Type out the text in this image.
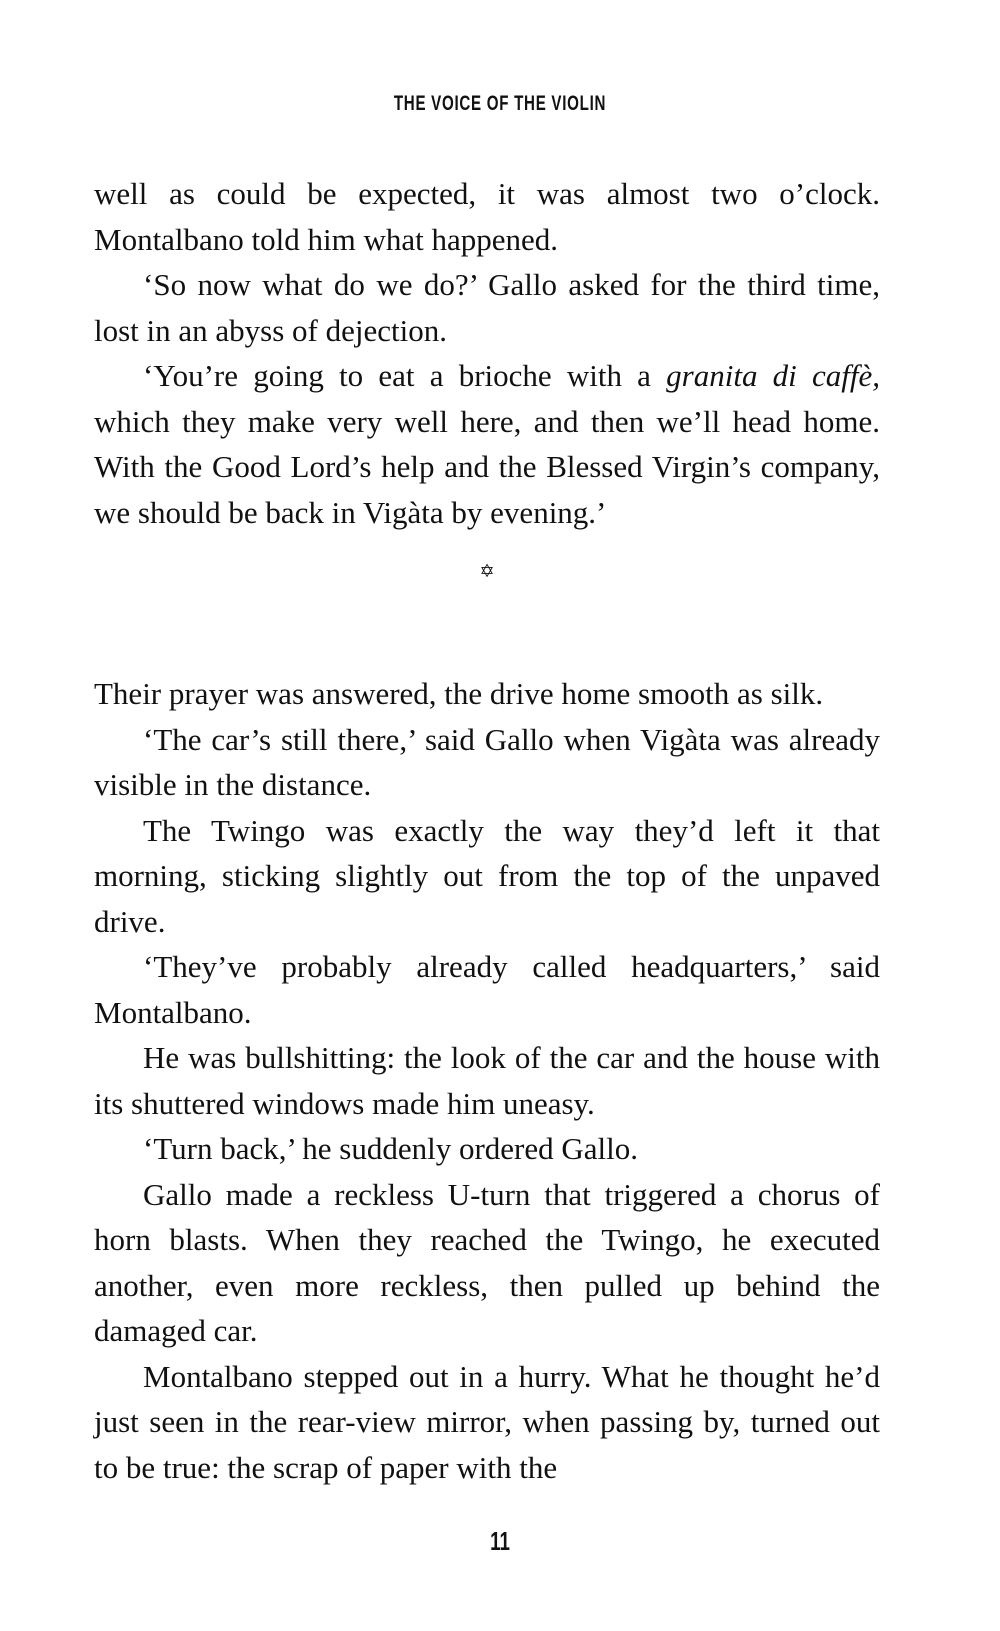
THE VOICE OF THE VIOLIN

well as could be expected, it was almost two o’clock. Montalbano told him what happened.

‘So now what do we do?’ Gallo asked for the third time, lost in an abyss of dejection.

‘You’re going to eat a brioche with a granita di caffè, which they make very well here, and then we’ll head home. With the Good Lord’s help and the Blessed Virgin’s company, we should be back in Vigàta by evening.’

✡

Their prayer was answered, the drive home smooth as silk.

‘The car’s still there,’ said Gallo when Vigàta was already visible in the distance.

The Twingo was exactly the way they’d left it that morning, sticking slightly out from the top of the unpaved drive.

‘They’ve probably already called headquarters,’ said Montalbano.

He was bullshitting: the look of the car and the house with its shuttered windows made him uneasy.

‘Turn back,’ he suddenly ordered Gallo.

Gallo made a reckless U-turn that triggered a chorus of horn blasts. When they reached the Twingo, he executed another, even more reckless, then pulled up behind the damaged car.

Montalbano stepped out in a hurry. What he thought he’d just seen in the rear-view mirror, when passing by, turned out to be true: the scrap of paper with the

11
